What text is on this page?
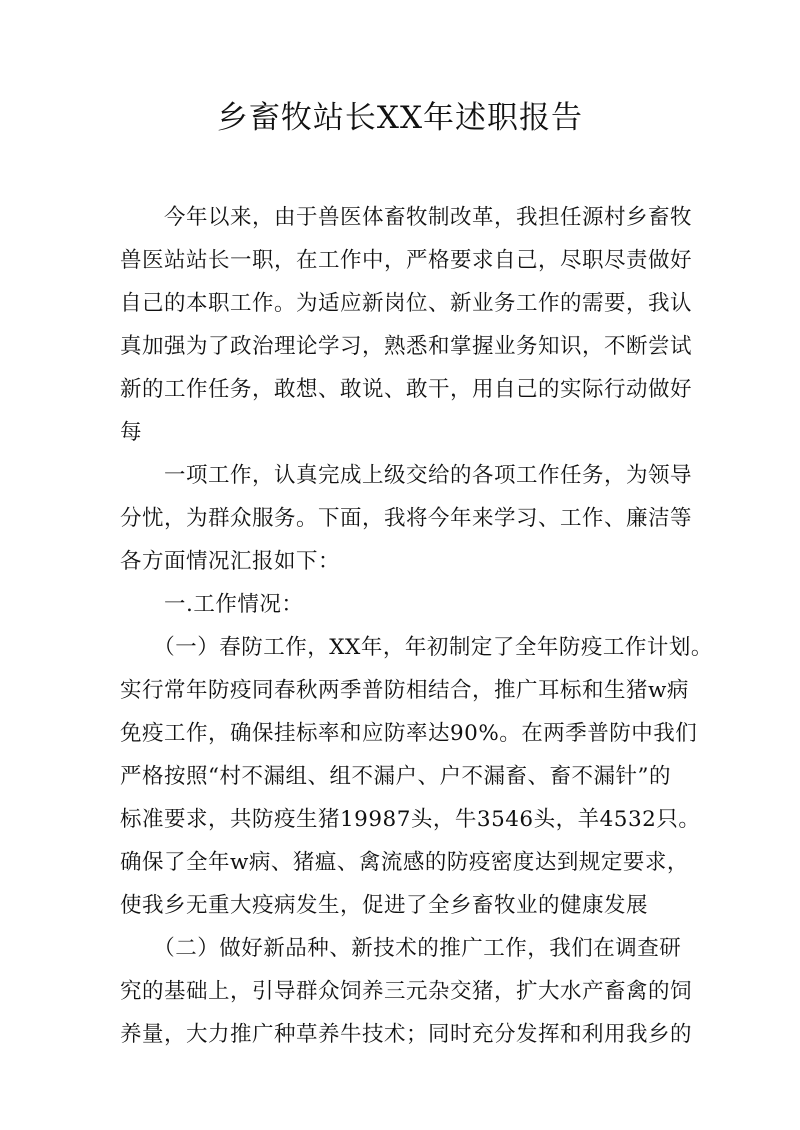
乡畜牧站长XX年述职报告
　　今年以来，由于兽医体畜牧制改革，我担任源村乡畜牧
兽医站站长一职，在工作中，严格要求自己，尽职尽责做好
自己的本职工作。为适应新岗位、新业务工作的需要，我认
真加强为了政治理论学习，熟悉和掌握业务知识，不断尝试
新的工作任务，敢想、敢说、敢干，用自己的实际行动做好
每
　　一项工作，认真完成上级交给的各项工作任务，为领导
分忧，为群众服务。下面，我将今年来学习、工作、廉洁等
各方面情况汇报如下：
　　一.工作情况：
　　（一）春防工作，XX年，年初制定了全年防疫工作计划。
实行常年防疫同春秋两季普防相结合，推广耳标和生猪w病
免疫工作，确保挂标率和应防率达90%。在两季普防中我们
严格按照“村不漏组、组不漏户、户不漏畜、畜不漏针”的
标准要求，共防疫生猪19987头，牛3546头，羊4532只。
确保了全年w病、猪瘟、禽流感的防疫密度达到规定要求，
使我乡无重大疫病发生，促进了全乡畜牧业的健康发展
　　（二）做好新品种、新技术的推广工作，我们在调查研
究的基础上，引导群众饲养三元杂交猪，扩大水产畜禽的饲
养量，大力推广种草养牛技术；同时充分发挥和利用我乡的
